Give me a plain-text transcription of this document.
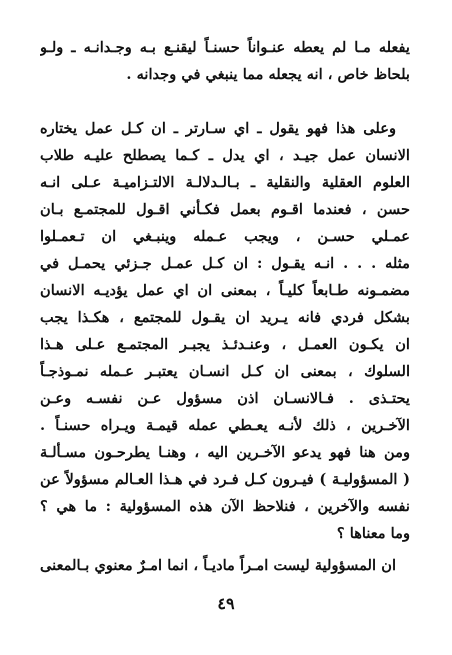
يفعله مـا لم يعطه عنـواناً حسنـاً ليقنـع بـه وجـدانـه ـ ولـو
بلحاظ خاص ، انه يجعله مما ينبغي في وجدانه .
وعلى هذا فهو يقول ـ اي سـارتر ـ ان كـل عمل يختاره
الانسان عمل جيـد ، اي يدل ـ كـما يصطلح عليـه طلاب
العلوم العقلية والنقلية ـ بـالـدلالـة الالتـزاميـة عـلى انـه
حسن ، فعندما اقـوم بعمل فكـأني اقـول للمجتمـع بـان
عمـلي حسـن ، ويجب عـمله وينبـغي ان تـعمـلوا
مثله . . . انـه يقـول : ان كـل عمـل جـزئي يحمـل في
مضمـونه طـابعاً كليـاً ، بمعنى ان اي عمل يؤديـه الانسان
بشكل فردي فانه يـريد ان يقـول للمجتمع ، هكـذا يجب
ان يكـون العمـل ، وعنـدئـذ يجبـر المجتمـع عـلى هـذا
السلوك ، بمعنى ان كـل انسـان يعتبـر عـمله نمـوذجـاً
يحتـذى . فـالانسـان اذن مسؤول عـن نفسـه وعـن
الآخـرين ، ذلك لأنـه يعـطي عمله قيمـة ويـراه حسنـاً .
ومن هنا فهو يدعو الآخـرين اليه ، وهنـا يطرحـون مسـألـة
( المسؤوليـة ) فيـرون كـل فـرد في هـذا العـالم مسؤولاً عن
نفسه والآخرين ، فنلاحظ الآن هذه المسؤولية : ما هي ؟
وما معناها ؟
ان المسؤولية ليست امـراً ماديـاً ، انما امـرٌ معنوي بـالمعنى
٤٩
